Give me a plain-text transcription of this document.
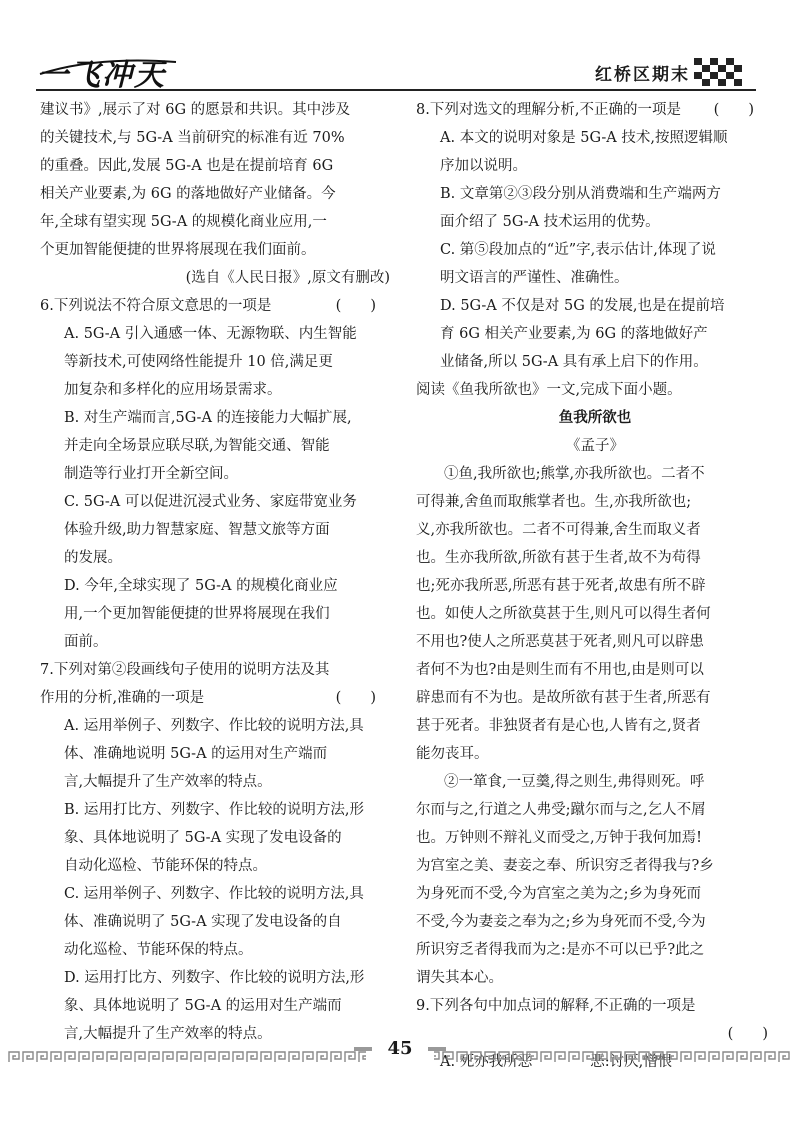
一飞冲天	红桥区期末
建议书》,展示了对 6G 的愿景和共识。其中涉及
的关键技术,与 5G-A 当前研究的标准有近 70%
的重叠。因此,发展 5G-A 也是在提前培育 6G
相关产业要素,为 6G 的落地做好产业储备。今
年,全球有望实现 5G-A 的规模化商业应用,一
个更加智能便捷的世界将展现在我们面前。
(选自《人民日报》,原文有删改)
6.下列说法不符合原文意思的一项是	(　　)
A. 5G-A 引入通感一体、无源物联、内生智能
等新技术,可使网络性能提升 10 倍,满足更
加复杂和多样化的应用场景需求。
B. 对生产端而言,5G-A 的连接能力大幅扩展,
并走向全场景应联尽联,为智能交通、智能
制造等行业打开全新空间。
C. 5G-A 可以促进沉浸式业务、家庭带宽业务
体验升级,助力智慧家庭、智慧文旅等方面
的发展。
D. 今年,全球实现了 5G-A 的规模化商业应
用,一个更加智能便捷的世界将展现在我们
面前。
7.下列对第②段画线句子使用的说明方法及其
作用的分析,准确的一项是	(　　)
A. 运用举例子、列数字、作比较的说明方法,具
体、准确地说明 5G-A 的运用对生产端而
言,大幅提升了生产效率的特点。
B. 运用打比方、列数字、作比较的说明方法,形
象、具体地说明了 5G-A 实现了发电设备的
自动化巡检、节能环保的特点。
C. 运用举例子、列数字、作比较的说明方法,具
体、准确说明了 5G-A 实现了发电设备的自
动化巡检、节能环保的特点。
D. 运用打比方、列数字、作比较的说明方法,形
象、具体地说明了 5G-A 的运用对生产端而
言,大幅提升了生产效率的特点。
8.下列对选文的理解分析,不正确的一项是 (　　)
A. 本文的说明对象是 5G-A 技术,按照逻辑顺
序加以说明。
B. 文章第②③段分别从消费端和生产端两方
面介绍了 5G-A 技术运用的优势。
C. 第⑤段加点的“近”字,表示估计,体现了说
明文语言的严谨性、准确性。
D. 5G-A 不仅是对 5G 的发展,也是在提前培
育 6G 相关产业要素,为 6G 的落地做好产
业储备,所以 5G-A 具有承上启下的作用。
阅读《鱼我所欲也》一文,完成下面小题。
鱼我所欲也
《孟子》
①鱼,我所欲也;熊掌,亦我所欲也。二者不
可得兼,舍鱼而取熊掌者也。生,亦我所欲也;
义,亦我所欲也。二者不可得兼,舍生而取义者
也。生亦我所欲,所欲有甚于生者,故不为苟得
也;死亦我所恶,所恶有甚于死者,故患有所不辟
也。如使人之所欲莫甚于生,则凡可以得生者何
不用也?使人之所恶莫甚于死者,则凡可以辟患
者何不为也?由是则生而有不用也,由是则可以
辟患而有不为也。是故所欲有甚于生者,所恶有
甚于死者。非独贤者有是心也,人皆有之,贤者
能勿丧耳。
②一箪食,一豆羹,得之则生,弗得则死。呼
尔而与之,行道之人弗受;蹴尔而与之,乞人不屑
也。万钟则不辩礼义而受之,万钟于我何加焉!
为宫室之美、妻妾之奉、所识穷乏者得我与?乡
为身死而不受,今为宫室之美为之;乡为身死而
不受,今为妻妾之奉为之;乡为身死而不受,今为
所识穷乏者得我而为之:是亦不可以已乎?此之
谓失其本心。
9.下列各句中加点词的解释,不正确的一项是
(　　)
45
